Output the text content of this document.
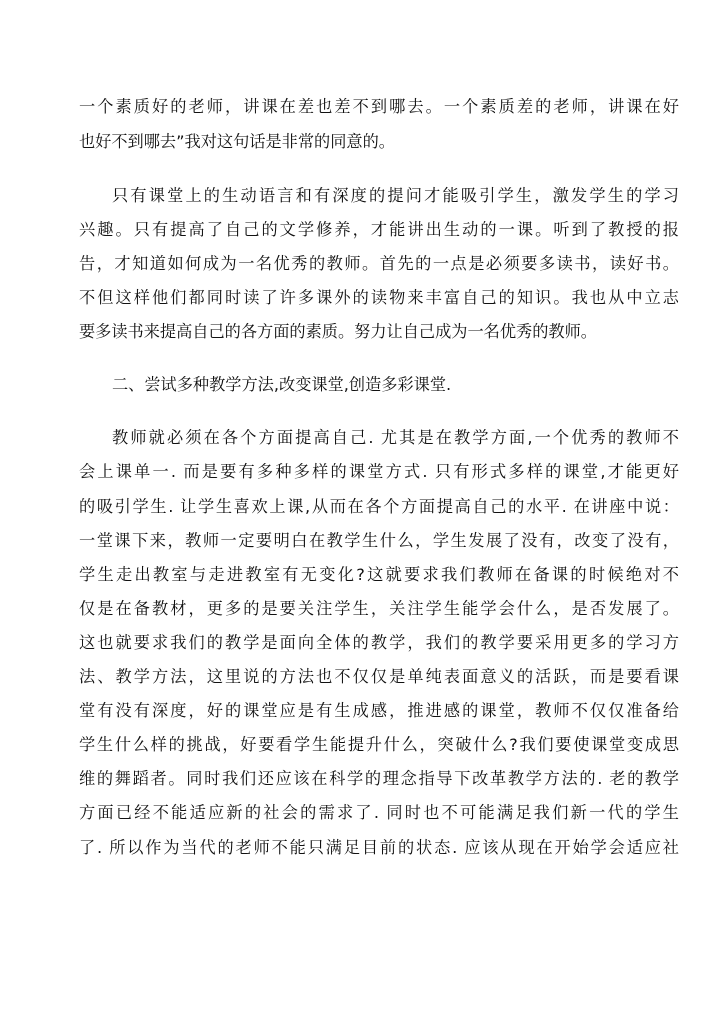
一个素质好的老师，讲课在差也差不到哪去。一个素质差的老师，讲课在好
也好不到哪去”我对这句话是非常的同意的。
只有课堂上的生动语言和有深度的提问才能吸引学生，激发学生的学习
兴趣。只有提高了自己的文学修养，才能讲出生动的一课。听到了教授的报
告，才知道如何成为一名优秀的教师。首先的一点是必须要多读书，读好书。
不但这样他们都同时读了许多课外的读物来丰富自己的知识。我也从中立志
要多读书来提高自己的各方面的素质。努力让自己成为一名优秀的教师。
二、尝试多种教学方法,改变课堂,创造多彩课堂.
教师就必须在各个方面提高自己. 尤其是在教学方面,一个优秀的教师不
会上课单一. 而是要有多种多样的课堂方式. 只有形式多样的课堂,才能更好
的吸引学生. 让学生喜欢上课,从而在各个方面提高自己的水平. 在讲座中说：
一堂课下来，教师一定要明白在教学生什么，学生发展了没有，改变了没有，
学生走出教室与走进教室有无变化?这就要求我们教师在备课的时候绝对不
仅是在备教材，更多的是要关注学生，关注学生能学会什么，是否发展了。
这也就要求我们的教学是面向全体的教学，我们的教学要采用更多的学习方
法、教学方法，这里说的方法也不仅仅是单纯表面意义的活跃，而是要看课
堂有没有深度，好的课堂应是有生成感，推进感的课堂，教师不仅仅准备给
学生什么样的挑战，好要看学生能提升什么，突破什么?我们要使课堂变成思
维的舞蹈者。同时我们还应该在科学的理念指导下改革教学方法的. 老的教学
方面已经不能适应新的社会的需求了. 同时也不可能满足我们新一代的学生
了. 所以作为当代的老师不能只满足目前的状态. 应该从现在开始学会适应社
